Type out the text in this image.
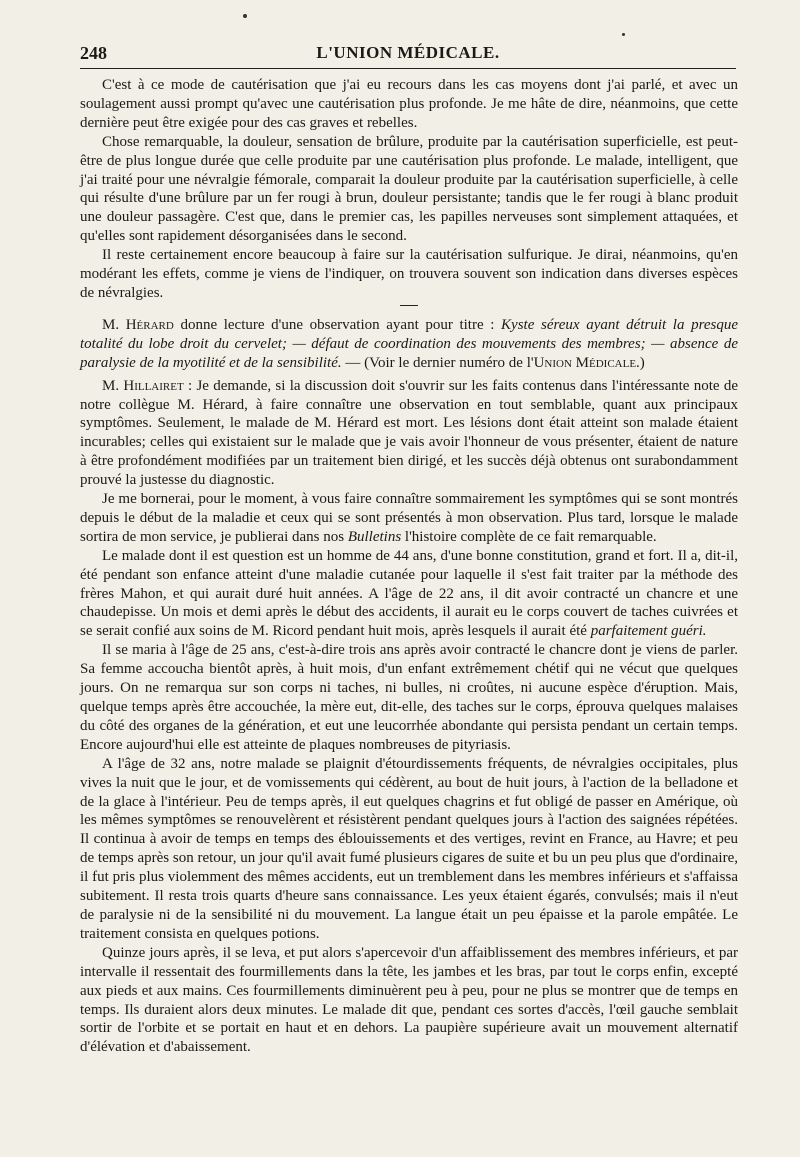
248	L'UNION MÉDICALE.

C'est à ce mode de cautérisation que j'ai eu recours dans les cas moyens dont j'ai parlé, et avec un soulagement aussi prompt qu'avec une cautérisation plus profonde. Je me hâte de dire, néanmoins, que cette dernière peut être exigée pour des cas graves et rebelles.

Chose remarquable, la douleur, sensation de brûlure, produite par la cautérisation superficielle, est peut-être de plus longue durée que celle produite par une cautérisation plus profonde. Le malade, intelligent, que j'ai traité pour une névralgie fémorale, comparait la douleur produite par la cautérisation superficielle, à celle qui résulte d'une brûlure par un fer rougi à brun, douleur persistante; tandis que le fer rougi à blanc produit une douleur passagère. C'est que, dans le premier cas, les papilles nerveuses sont simplement attaquées, et qu'elles sont rapidement désorganisées dans le second.

Il reste certainement encore beaucoup à faire sur la cautérisation sulfurique. Je dirai, néanmoins, qu'en modérant les effets, comme je viens de l'indiquer, on trouvera souvent son indication dans diverses espèces de névralgies.

M. Hérard donne lecture d'une observation ayant pour titre : Kyste séreux ayant détruit la presque totalité du lobe droit du cervelet; — défaut de coordination des mouvements des membres; — absence de paralysie de la myotilité et de la sensibilité. — (Voir le dernier numéro de l'Union Médicale.)

M. Hillairet : Je demande, si la discussion doit s'ouvrir sur les faits contenus dans l'intéressante note de notre collègue M. Hérard, à faire connaître une observation en tout semblable, quant aux principaux symptômes. Seulement, le malade de M. Hérard est mort. Les lésions dont était atteint son malade étaient incurables; celles qui existaient sur le malade que je vais avoir l'honneur de vous présenter, étaient de nature à être profondément modifiées par un traitement bien dirigé, et les succès déjà obtenus ont surabondamment prouvé la justesse du diagnostic.

Je me bornerai, pour le moment, à vous faire connaître sommairement les symptômes qui se sont montrés depuis le début de la maladie et ceux qui se sont présentés à mon observation. Plus tard, lorsque le malade sortira de mon service, je publierai dans nos Bulletins l'histoire complète de ce fait remarquable.

Le malade dont il est question est un homme de 44 ans, d'une bonne constitution, grand et fort. Il a, dit-il, été pendant son enfance atteint d'une maladie cutanée pour laquelle il s'est fait traiter par la méthode des frères Mahon, et qui aurait duré huit années. A l'âge de 22 ans, il dit avoir contracté un chancre et une chaudepisse. Un mois et demi après le début des accidents, il aurait eu le corps couvert de taches cuivrées et se serait confié aux soins de M. Ricord pendant huit mois, après lesquels il aurait été parfaitement guéri.

Il se maria à l'âge de 25 ans, c'est-à-dire trois ans après avoir contracté le chancre dont je viens de parler. Sa femme accoucha bientôt après, à huit mois, d'un enfant extrêmement chétif qui ne vécut que quelques jours. On ne remarqua sur son corps ni taches, ni bulles, ni croûtes, ni aucune espèce d'éruption. Mais, quelque temps après être accouchée, la mère eut, dit-elle, des taches sur le corps, éprouva quelques malaises du côté des organes de la génération, et eut une leucorrhée abondante qui persista pendant un certain temps. Encore aujourd'hui elle est atteinte de plaques nombreuses de pityriasis.

A l'âge de 32 ans, notre malade se plaignit d'étourdissements fréquents, de névralgies occipitales, plus vives la nuit que le jour, et de vomissements qui cédèrent, au bout de huit jours, à l'action de la belladone et de la glace à l'intérieur. Peu de temps après, il eut quelques chagrins et fut obligé de passer en Amérique, où les mêmes symptômes se renouvelèrent et résistèrent pendant quelques jours à l'action des saignées répétées. Il continua à avoir de temps en temps des éblouissements et des vertiges, revint en France, au Havre; et peu de temps après son retour, un jour qu'il avait fumé plusieurs cigares de suite et bu un peu plus que d'ordinaire, il fut pris plus violemment des mêmes accidents, eut un tremblement dans les membres inférieurs et s'affaissa subitement. Il resta trois quarts d'heure sans connaissance. Les yeux étaient égarés, convulsés; mais il n'eut de paralysie ni de la sensibilité ni du mouvement. La langue était un peu épaisse et la parole empâtée. Le traitement consista en quelques potions.

Quinze jours après, il se leva, et put alors s'apercevoir d'un affaiblissement des membres inférieurs, et par intervalle il ressentait des fourmillements dans la tête, les jambes et les bras, par tout le corps enfin, excepté aux pieds et aux mains. Ces fourmillements diminuèrent peu à peu, pour ne plus se montrer que de temps en temps. Ils duraient alors deux minutes. Le malade dit que, pendant ces sortes d'accès, l'œil gauche semblait sortir de l'orbite et se portait en haut et en dehors. La paupière supérieure avait un mouvement alternatif d'élévation et d'abaissement.
